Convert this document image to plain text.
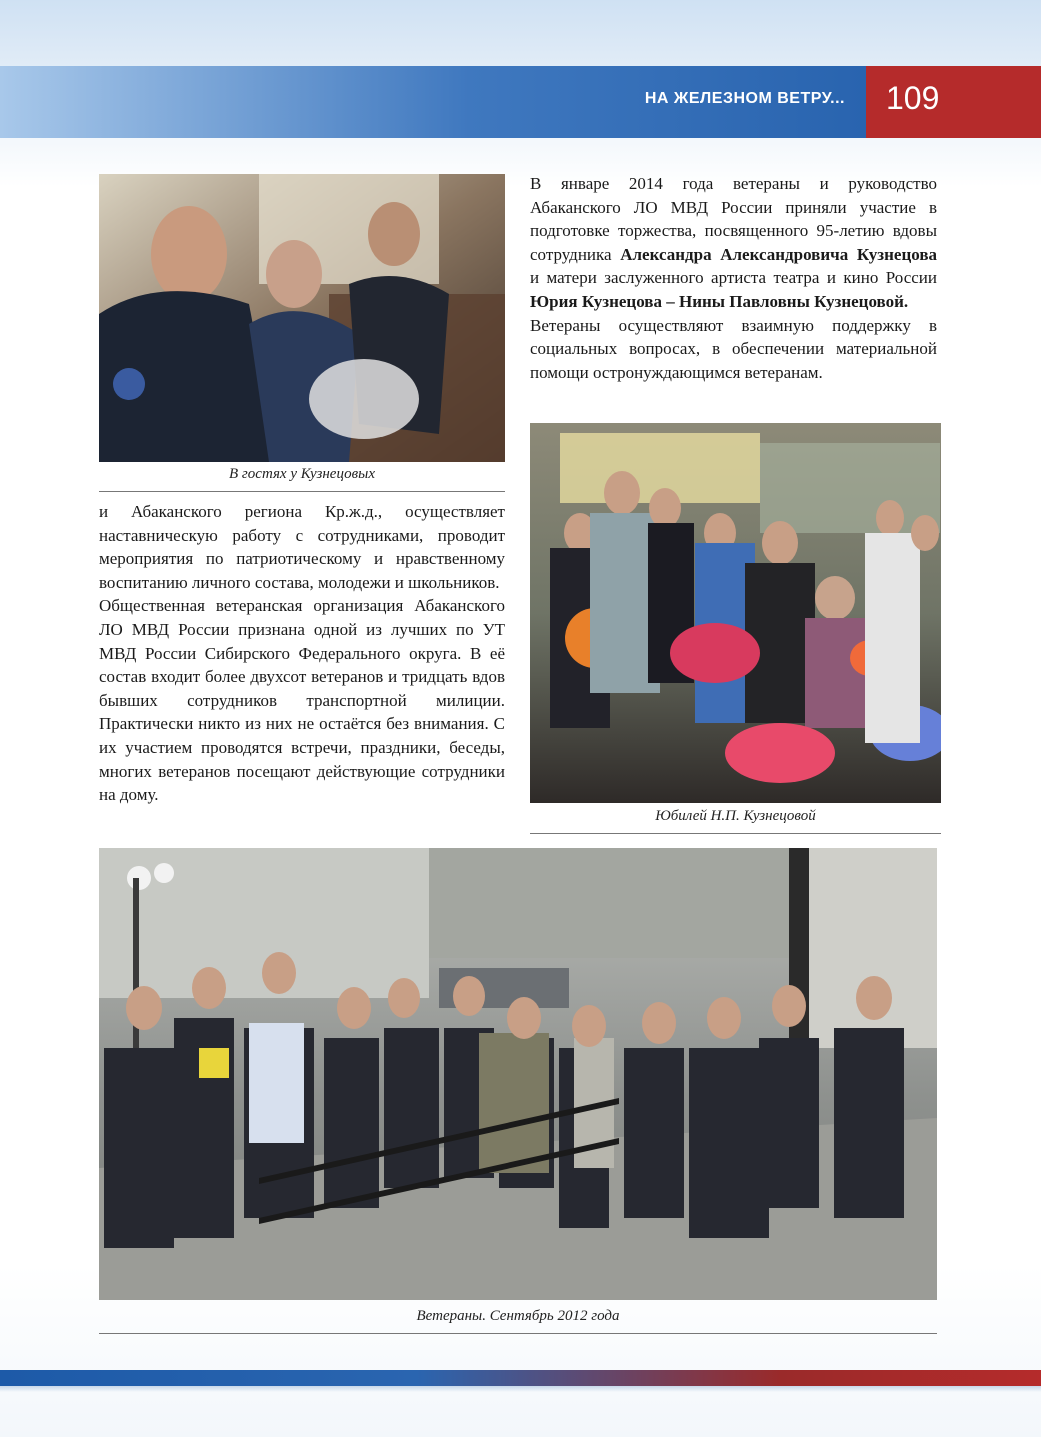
НА ЖЕЛЕЗНОМ ВЕТРУ... 109
В гостях у Кузнецовых

В январе 2014 года ветераны и руководство Абаканского ЛО МВД России приняли участие в подготовке торжества, посвященного 95-летию вдовы сотрудника Александра Александровича Кузнецова и матери заслуженного артиста театра и кино России Юрия Кузнецова – Нины Павловны Кузнецовой.

Ветераны осуществляют взаимную поддержку в социальных вопросах, в обеспечении материальной помощи остронуждающимся ветеранам.

Юбилей Н.П. Кузнецовой

и Абаканского региона Кр.ж.д., осуществляет наставническую работу с сотрудниками, проводит мероприятия по патриотическому и нравственному воспитанию личного состава, молодежи и школьников.

Общественная ветеранская организация Абаканского ЛО МВД России признана одной из лучших по УТ МВД России Сибирского Федерального округа. В её состав входит более двухсот ветеранов и тридцать вдов бывших сотрудников транспортной милиции. Практически никто из них не остаётся без внимания. С их участием проводятся встречи, праздники, беседы, многих ветеранов посещают действующие сотрудники на дому.

Ветераны. Сентябрь 2012 года
